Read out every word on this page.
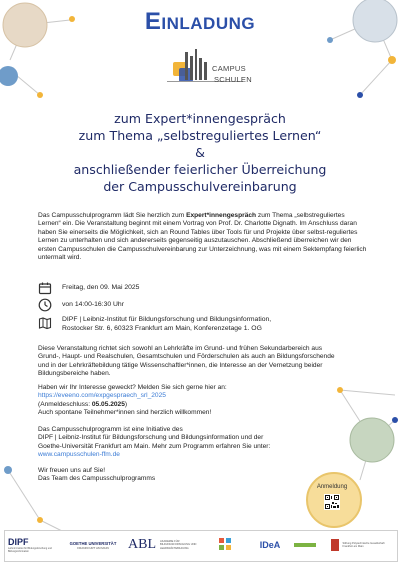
Einladung
CAMPUS
SCHULEN
zum Expert*innengespräch
zum Thema „selbstreguliertes Lernen“
&
anschließender feierlicher Überreichung
der Campusschulvereinbarung
Das Campusschulprogramm lädt Sie herzlich zum Expert*innengespräch zum Thema „selbstreguliertes Lernen“ ein. Die Veranstaltung beginnt mit einem Vortrag von Prof. Dr. Charlotte Dignath. Im Anschluss daran haben Sie einerseits die Möglichkeit, sich an Round Tables über Tools für und Projekte über selbst-reguliertes Lernen zu unterhalten und sich andererseits gegenseitig auszutauschen. Abschließend überreichen wir den ersten Campusschulen die Campusschulvereinbarung zur Unterzeichnung, was mit einem Sektempfang feierlich untermalt wird.
Freitag, den 09. Mai 2025
von 14:00-16:30 Uhr
DIPF | Leibniz-Institut für Bildungsforschung und Bildungsinformation,
Rostocker Str. 6, 60323 Frankfurt am Main, Konferenzetage 1. OG
Diese Veranstaltung richtet sich sowohl an Lehrkräfte im Grund- und frühen Sekundarbereich aus Grund-, Haupt- und Realschulen, Gesamtschulen und Förderschulen als auch an Bildungsforschende und in der Lehrkräftebildung tätige Wissenschaftler*innen, die Interesse an der Vernetzung beider Bildungsbereiche haben.
Haben wir Ihr Interesse geweckt? Melden Sie sich gerne hier an:
https://eveeno.com/expgespraech_srl_2025
(Anmeldeschluss: 05.05.2025)
Auch spontane Teilnehmer*innen sind herzlich willkommen!
Das Campusschulprogramm ist eine Initiative des
DIPF | Leibniz-Institut für Bildungsforschung und Bildungsinformation und der
Goethe-Universität Frankfurt am Main. Mehr zum Programm erfahren Sie unter:
www.campusschulen-ffm.de
Wir freuen uns auf Sie!
Das Team des Campusschulprogramms
Anmeldung
DIPF
Leibniz-Institut für Bildungsforschung und Bildungsinformation
GOETHE UNIVERSITÄT
FRANKFURT AM MAIN ABL AKADEMIE FÜR BILDUNGSFORSCHUNG UND LEHRKRÄFTEBILDUNG	IDeA	Stiftung Polytechnische Gesellschaft Frankfurt am Main
